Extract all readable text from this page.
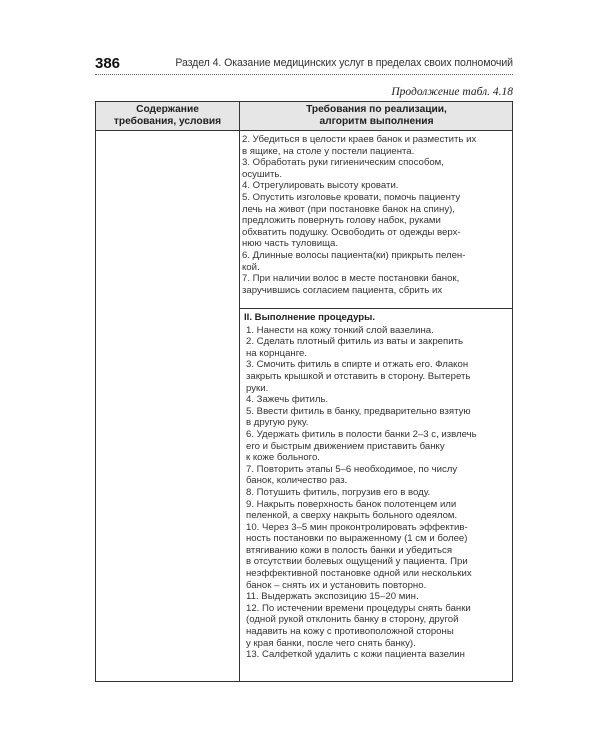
386	Раздел 4. Оказание медицинских услуг в пределах своих полномочий
Продолжение табл. 4.18
Содержание
требования, условия
Требования по реализации,
алгоритм выполнения

2. Убедиться в целости краев банок и разместить их
в ящике, на столе у постели пациента.

3. Обработать руки гигиеническим способом,
осушить.

4. Отрегулировать высоту кровати.

5. Опустить изголовье кровати, помочь пациенту
лечь на живот (при постановке банок на спину),
предложить повернуть голову набок, руками
обхватить подушку. Освободить от одежды верх-
нюю часть туловища.

6. Длинные волосы пациента(ки) прикрыть пелен-
кой.

7. При наличии волос в месте постановки банок,
заручившись согласием пациента, сбрить их

II. Выполнение процедуры.

1. Нанести на кожу тонкий слой вазелина.

2. Сделать плотный фитиль из ваты и закрепить
на корнцанге.

3. Смочить фитиль в спирте и отжать его. Флакон
закрыть крышкой и отставить в сторону. Вытереть
руки.

4. Зажечь фитиль.

5. Ввести фитиль в банку, предварительно взятую
в другую руку.

6. Удержать фитиль в полости банки 2–3 с, извлечь
его и быстрым движением приставить банку
к коже больного.

7. Повторить этапы 5–6 необходимое, по числу
банок, количество раз.

8. Потушить фитиль, погрузив его в воду.

9. Накрыть поверхность банок полотенцем или
пеленкой, а сверху накрыть больного одеялом.

10. Через 3–5 мин проконтролировать эффектив-
ность постановки по выраженному (1 см и более)
втягиванию кожи в полость банки и убедиться
в отсутствии болевых ощущений у пациента. При
неэффективной постановке одной или нескольких
банок – снять их и установить повторно.

11. Выдержать экспозицию 15–20 мин.

12. По истечении времени процедуры снять банки
(одной рукой отклонить банку в сторону, другой
надавить на кожу с противоположной стороны
у края банки, после чего снять банку).

13. Салфеткой удалить с кожи пациента вазелин
